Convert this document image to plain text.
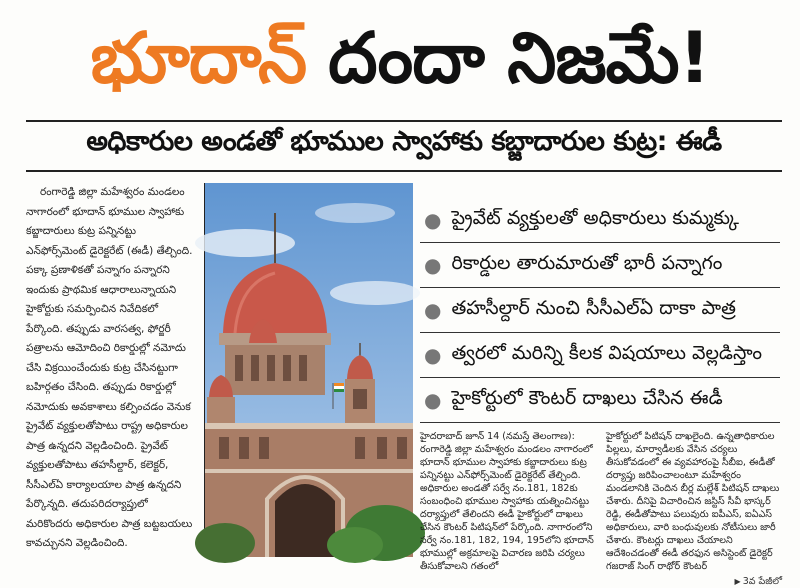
భూదాన్ దందా నిజమే!
అధికారుల అండతో భూముల స్వాహాకు కబ్జాదారుల కుట్ర: ఈడీ

రంగారెడ్డి జిల్లా మహేశ్వరం మండలం నాగారంలో భూదాన్ భూముల స్వాహాకు కబ్జాదారులు కుట్ర పన్నినట్టు ఎన్‌ఫోర్స్‌మెంట్ డైరెక్టరేట్ (ఈడీ) తేల్చింది. పక్కా ప్రణాళికతో పన్నాగం పన్నారని ఇందుకు ప్రాథమిక ఆధారాలున్నాయని హైకోర్టుకు సమర్పించిన నివేదికలో పేర్కొంది. తప్పుడు వారసత్వ, ఫోర్జరీ పత్రాలను ఆమోదించి రికార్డుల్లో నమోదు చేసి విక్రయించేందుకు కుట్ర చేసినట్టుగా బహిర్గతం చేసింది. తప్పుడు రికార్డుల్లో నమోదుకు అవకాశాలు కల్పించడం వెనుక ప్రైవేట్ వ్యక్తులతోపాటు రాష్ట్ర అధికారుల పాత్ర ఉన్నదని వెల్లడించింది. ప్రైవేట్ వ్యక్తులతోపాటు తహసీల్దార్, కలెక్టర్, సీసీఎల్‌ఏ కార్యాలయాల పాత్ర ఉన్నదని పేర్కొన్నది. తదుపరిదర్యాప్తులో మరికొందరు అధికారుల పాత్ర బట్టబయలు కావచ్చునని వెల్లడించింది.

● ప్రైవేట్ వ్యక్తులతో అధికారులు కుమ్మక్కు
● రికార్డుల తారుమారుతో భారీ పన్నాగం
● తహసీల్దార్ నుంచి సీసీఎల్‌ఏ దాకా పాత్ర
● త్వరలో మరిన్ని కీలక విషయాలు వెల్లడిస్తాం
● హైకోర్టులో కౌంటర్ దాఖలు చేసిన ఈడీ

హైదరాబాద్ జూన్ 14 (నమస్తే తెలంగాణ): రంగారెడ్డి జిల్లా మహేశ్వరం మండలం నాగారంలో భూదాన్ భూముల స్వాహాకు కబ్జాదారులు కుట్ర పన్నినట్టు ఎన్‌ఫోర్స్‌మెంట్ డైరెక్టరేట్ తేల్చింది. అధికారుల అండతో సర్వే నం.181, 182కు సంబంధించి భూముల స్వాహాకు యత్నించినట్టు దర్యాప్తులో తేలిందని ఈడీ హైకోర్టులో దాఖలు చేసిన కౌంటర్ పిటిషన్‌లో పేర్కొంది. నాగారంలోని సర్వే నం.181, 182, 194, 195లోని భూదాన్ భూముల్లో అక్రమాలపై విచారణ జరిపి చర్యలు తీసుకోవాలని గతంలో

హైకోర్టులో పిటిషన్ దాఖలైంది. ఉన్నతాధికారుల పిల్లలు, మార్వాడీలకు వేసిన చర్యలు తీసుకోవడంలో ఈ వ్యవహారంపై సీబీఐ, ఈడీతో దర్యాప్తు జరిపించాలంటూ మహేశ్వరం మండలానికి చెందిన బీర్ల మల్లేశ్ పిటిషన్ దాఖలు చేశారు. దీనిపై విచారించిన జస్టిస్ సీవీ భాస్కర్ రెడ్డి, ఈడీతోపాటు పలువురు ఐపీఎస్, ఐఏఎస్ అధికారులు, వారి బంధువులకు నోటీసులు జారీ చేశారు. కౌంటర్లు దాఖలు చేయాలని ఆదేశించడంతో ఈడీ తరఫున అసిస్టెంట్ డైరెక్టర్ గజరాజ్ సింగ్ రాథోర్ కౌంటర్

▶ 3వ పేజీలో
